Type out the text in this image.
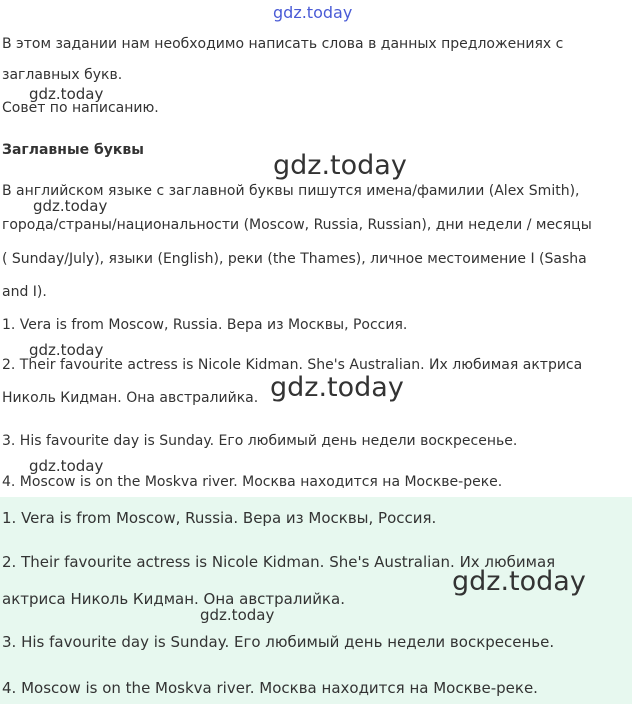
gdz.today
В этом задании нам необходимо написать слова в данных предложениях с
заглавных букв.
gdz.today
Совет по написанию.
Заглавные буквы	gdz.today
В английском языке с заглавной буквы пишутся имена/фамилии (Alex Smith),
gdz.today
города/страны/национальности (Moscow, Russia, Russian), дни недели / месяцы
( Sunday/July), языки (English), реки (the Thames), личное местоимение I (Sasha
and I).
1. Vera is from Moscow, Russia. Вера из Москвы, Россия.
gdz.today
2. Their favourite actress is Nicole Kidman. She's Australian. Их любимая актриса
Николь Кидман. Она австралийка. gdz.today
3. His favourite day is Sunday. Его любимый день недели воскресенье.
gdz.today
4. Moscow is on the Moskva river. Москва находится на Москве-реке.
1. Vera is from Moscow, Russia. Вера из Москвы, Россия.
2. Their favourite actress is Nicole Kidman. She's Australian. Их любимая
gdz.today
актриса Николь Кидман. Она австралийка.
gdz.today
3. His favourite day is Sunday. Его любимый день недели воскресенье.
4. Moscow is on the Moskva river. Москва находится на Москве-реке.
